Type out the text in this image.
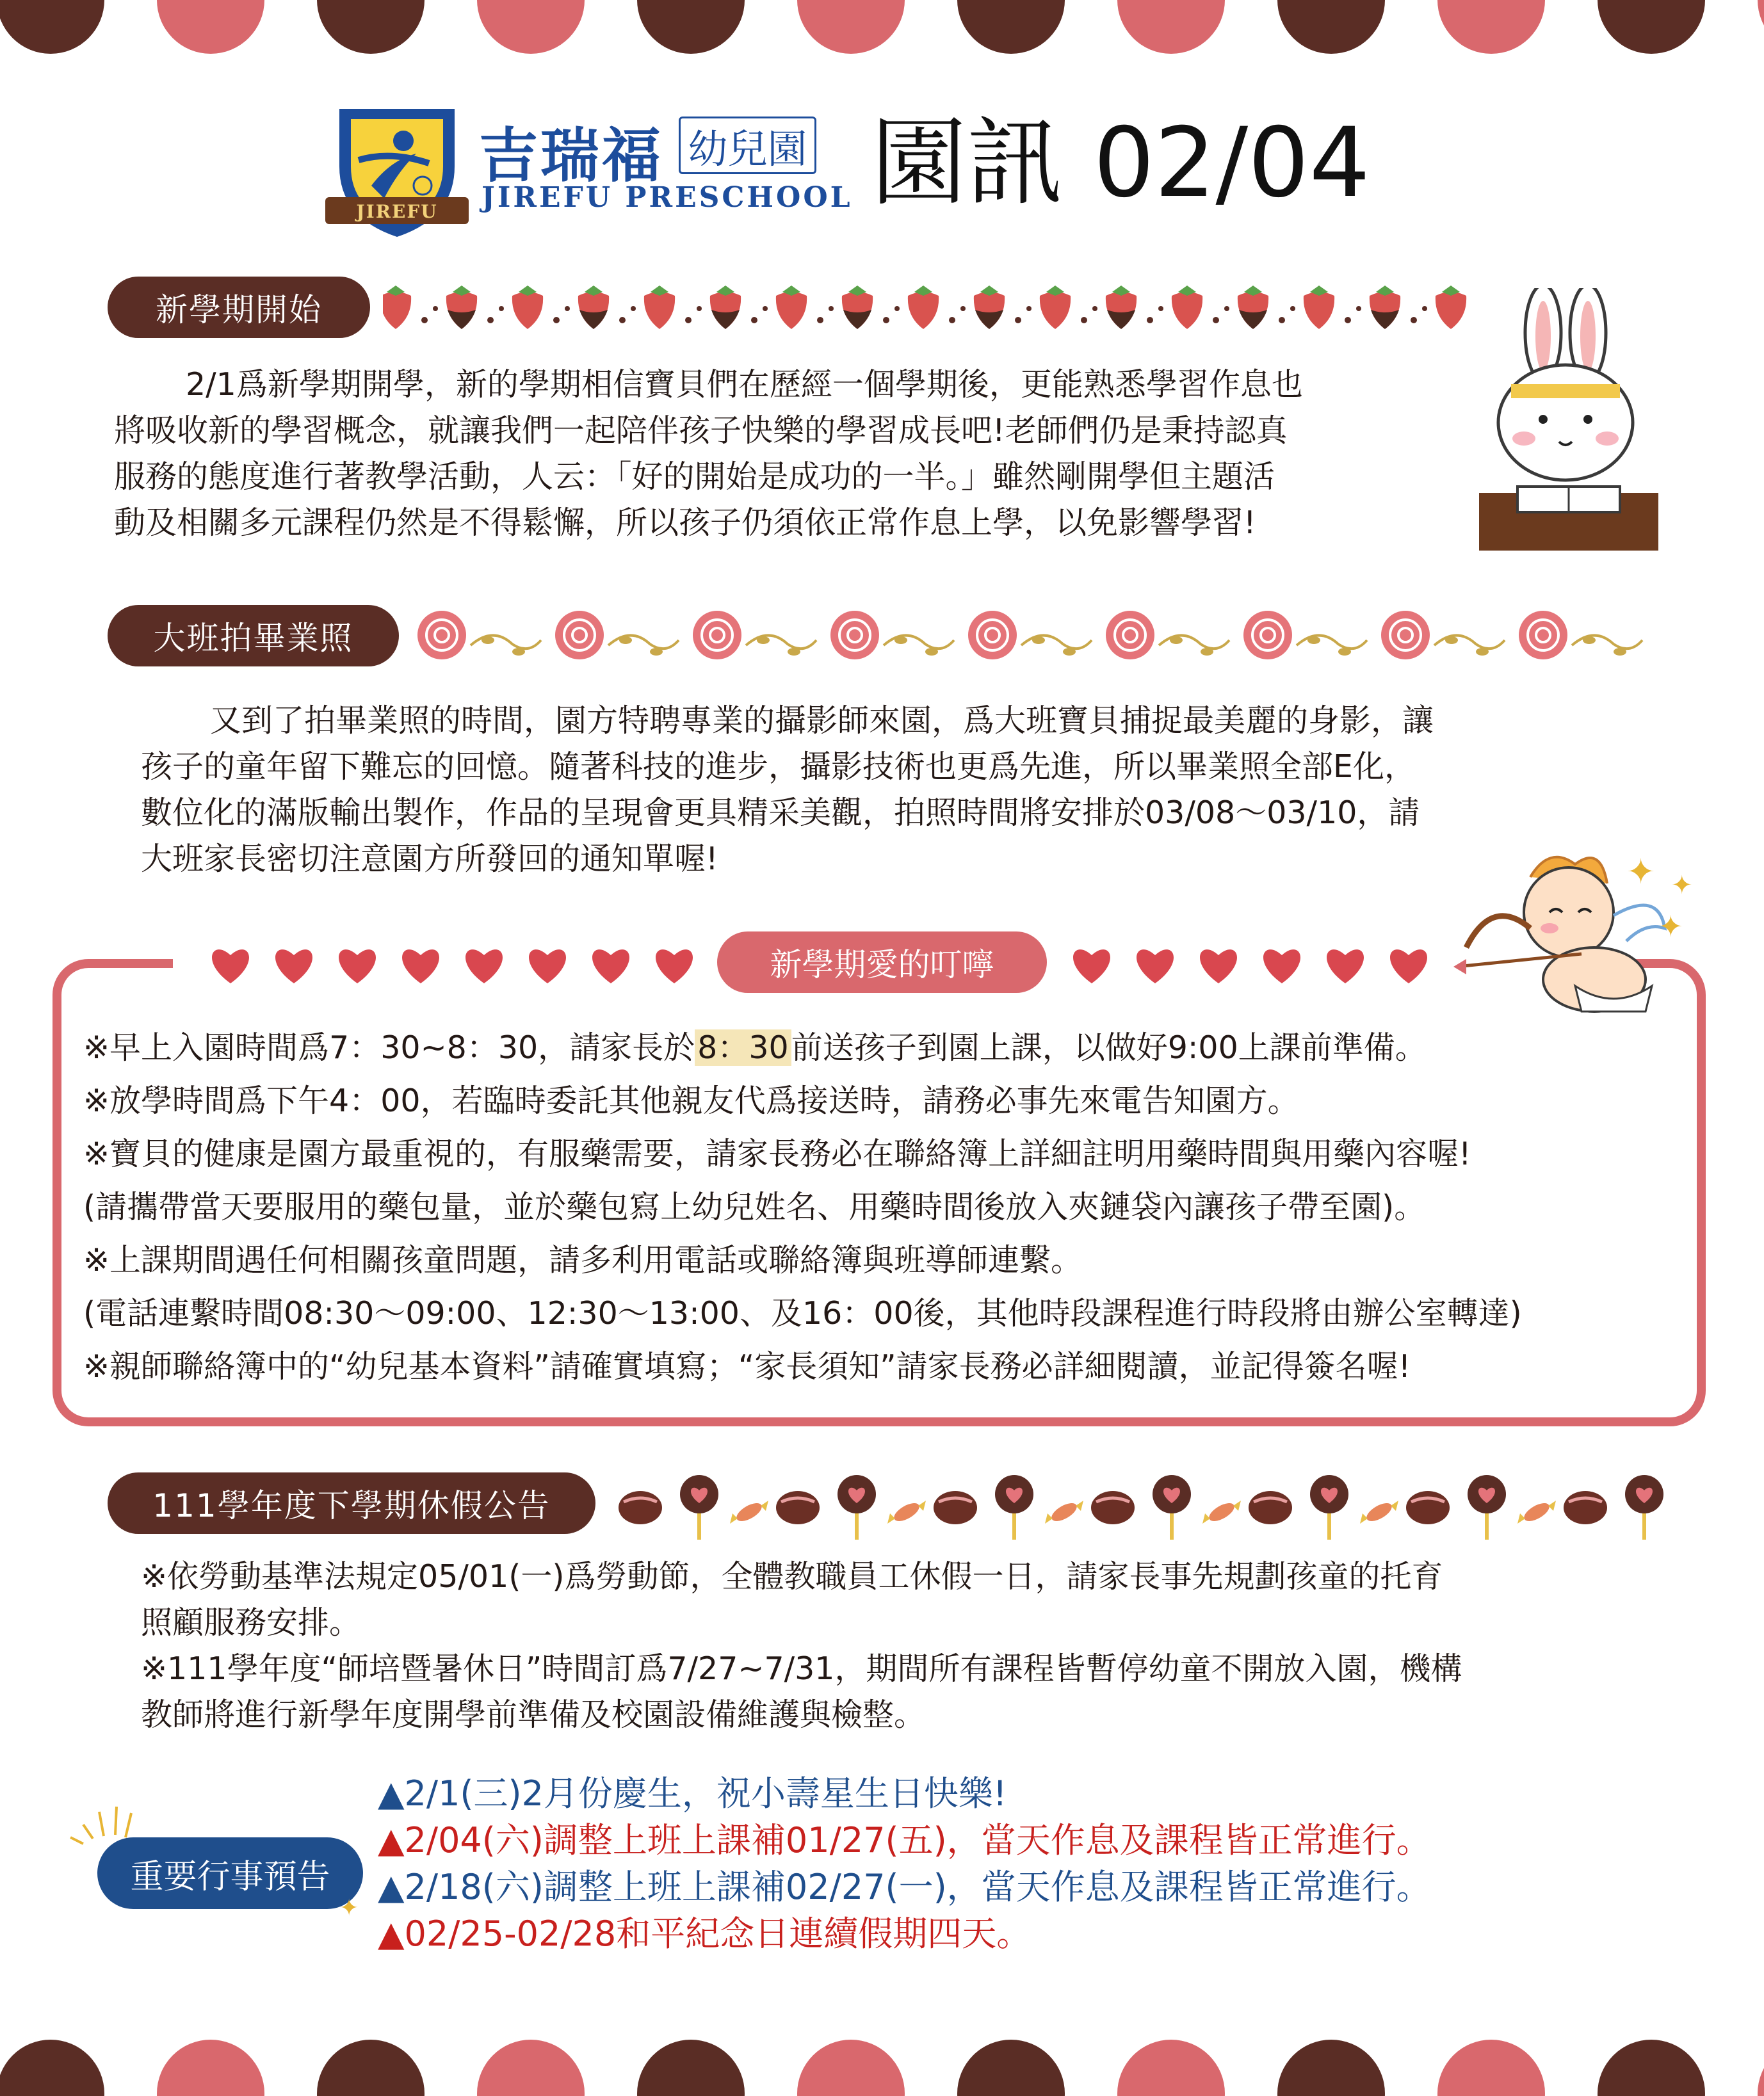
JIREFU
吉瑞福 幼兒園
JIREFU PRESCHOOL 園訊 02/04
新學期開始
2/1爲新學期開學，新的學期相信寶貝們在歷經一個學期後，更能熟悉學習作息也
將吸收新的學習概念，就讓我們一起陪伴孩子快樂的學習成長吧!老師們仍是秉持認真
服務的態度進行著教學活動，人云：「好的開始是成功的一半。」雖然剛開學但主題活
動及相關多元課程仍然是不得鬆懈，所以孩子仍須依正常作息上學，以免影響學習!
大班拍畢業照
又到了拍畢業照的時間，園方特聘專業的攝影師來園，爲大班寶貝捕捉最美麗的身影，讓
孩子的童年留下難忘的回憶。隨著科技的進步，攝影技術也更爲先進，所以畢業照全部E化，
數位化的滿版輸出製作，作品的呈現會更具精采美觀，拍照時間將安排於03/08～03/10，請
大班家長密切注意園方所發回的通知單喔!
新學期愛的叮嚀
✦ ✦
✦
※早上入園時間爲7：30~8：30，請家長於8：30前送孩子到園上課，以做好9:00上課前準備。
※放學時間爲下午4：00，若臨時委託其他親友代爲接送時，請務必事先來電告知園方。
※寶貝的健康是園方最重視的，有服藥需要，請家長務必在聯絡簿上詳細註明用藥時間與用藥內容喔!
(請攜帶當天要服用的藥包量，並於藥包寫上幼兒姓名、用藥時間後放入夾鏈袋內讓孩子帶至園)。
※上課期間遇任何相關孩童問題，請多利用電話或聯絡簿與班導師連繫。
(電話連繫時間08:30～09:00、12:30～13:00、及16：00後，其他時段課程進行時段將由辦公室轉達)
※親師聯絡簿中的“幼兒基本資料”請確實填寫；“家長須知”請家長務必詳細閱讀，並記得簽名喔!
111學年度下學期休假公告
※依勞動基準法規定05/01(一)爲勞動節，全體教職員工休假一日，請家長事先規劃孩童的托育
照顧服務安排。
※111學年度“師培暨暑休日”時間訂爲7/27~7/31，期間所有課程皆暫停幼童不開放入園，機構
教師將進行新學年度開學前準備及校園設備維護與檢整。
重要行事預告
✦
▲2/1(三)2月份慶生，祝小壽星生日快樂!
▲2/04(六)調整上班上課補01/27(五)，當天作息及課程皆正常進行。
▲2/18(六)調整上班上課補02/27(一)，當天作息及課程皆正常進行。
▲02/25-02/28和平紀念日連續假期四天。
